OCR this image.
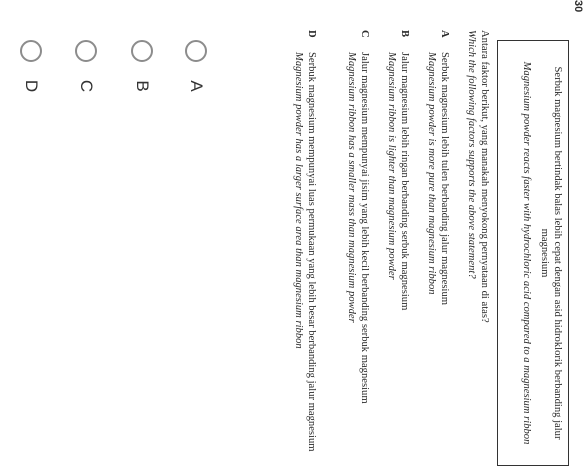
A
B
C
D
30
Serbuk magnesium bertindak balas lebih cepat dengan asid hidroklorik berbanding jalur magnesium
Magnesium powder reacts faster with hydrochloric acid compared to a magnesium ribbon
Antara faktor berikut, yang manakah menyokong pernyataan di atas?
Which the following factors supports the above statement?
A
Serbuk magnesium lebih tulen berbanding jalur magnesium
Magnesium powder is more pure than magnesium ribbon
B
Jalur magnesium lebih ringan berbanding serbuk magnesium
Magnesium ribbon is lighter than magnesium powder
C
Jalur magnesium mempunyai jisim yang lebih kecil berbanding serbuk magnesium
Magnesium ribbon has a smaller mass than magnesium powder
D
Serbuk magnesium mempunyai luas permukaan yang lebih besar berbanding jalur magnesium
Magnesium powder has a larger surface area than magnesium ribbon
